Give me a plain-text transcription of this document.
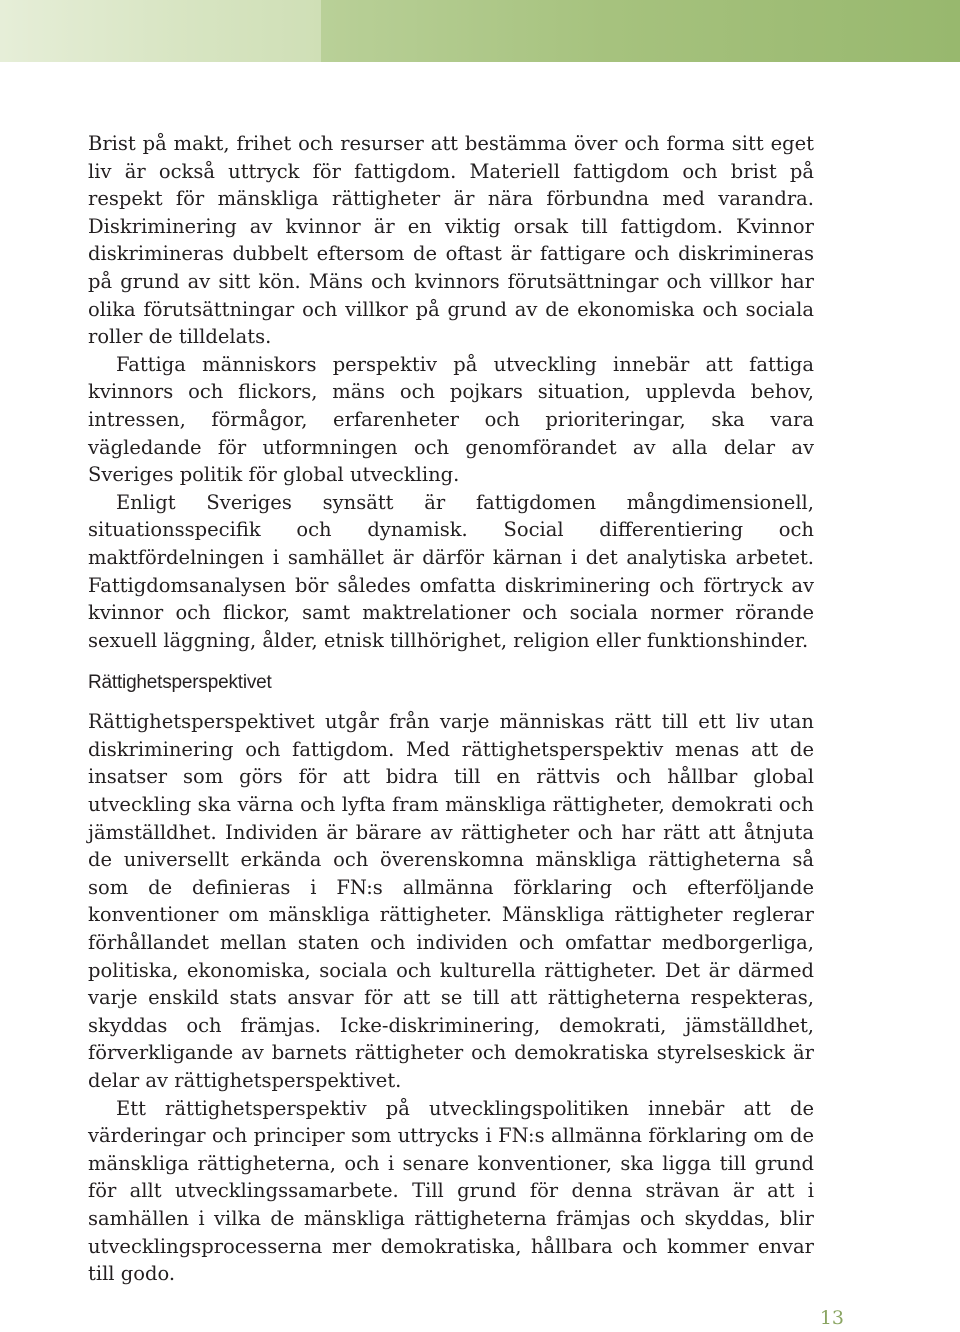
Brist på makt, frihet och resurser att bestämma över och forma sitt eget liv är också uttryck för fattigdom. Materiell fattigdom och brist på respekt för mänskliga rättigheter är nära förbundna med varandra. Diskriminering av kvinnor är en viktig orsak till fattigdom. Kvinnor diskrimineras dubbelt eftersom de oftast är fattigare och diskrimineras på grund av sitt kön. Mäns och kvinnors förutsättningar och villkor har olika förutsättningar och villkor på grund av de ekonomiska och sociala roller de tilldelats.

Fattiga människors perspektiv på utveckling innebär att fattiga kvinnors och flickors, mäns och pojkars situation, upplevda behov, intressen, förmågor, erfarenheter och prioriteringar, ska vara vägledande för utformningen och genomförandet av alla delar av Sveriges politik för global utveckling.

Enligt Sveriges synsätt är fattigdomen mångdimensionell, situationsspecifik och dynamisk. Social differentiering och maktfördelningen i samhället är därför kärnan i det analytiska arbetet. Fattigdomsanalysen bör således omfatta diskriminering och förtryck av kvinnor och flickor, samt maktrelationer och sociala normer rörande sexuell läggning, ålder, etnisk tillhörighet, religion eller funktionshinder.

Rättighetsperspektivet

Rättighetsperspektivet utgår från varje människas rätt till ett liv utan diskriminering och fattigdom. Med rättighetsperspektiv menas att de insatser som görs för att bidra till en rättvis och hållbar global utveckling ska värna och lyfta fram mänskliga rättigheter, demokrati och jämställdhet. Individen är bärare av rättigheter och har rätt att åtnjuta de universellt erkända och överenskomna mänskliga rättigheterna så som de definieras i FN:s allmänna förklaring och efterföljande konventioner om mänskliga rättigheter. Mänskliga rättigheter reglerar förhållandet mellan staten och individen och omfattar medborgerliga, politiska, ekonomiska, sociala och kulturella rättigheter. Det är därmed varje enskild stats ansvar för att se till att rättigheterna respekteras, skyddas och främjas. Icke-diskriminering, demokrati, jämställdhet, förverkligande av barnets rättigheter och demokratiska styrelseskick är delar av rättighetsperspektivet.

Ett rättighetsperspektiv på utvecklingspolitiken innebär att de värderingar och principer som uttrycks i FN:s allmänna förklaring om de mänskliga rättigheterna, och i senare konventioner, ska ligga till grund för allt utvecklingssamarbete. Till grund för denna strävan är att i samhällen i vilka de mänskliga rättigheterna främjas och skyddas, blir utvecklingsprocesserna mer demokratiska, hållbara och kommer envar till godo.

13
